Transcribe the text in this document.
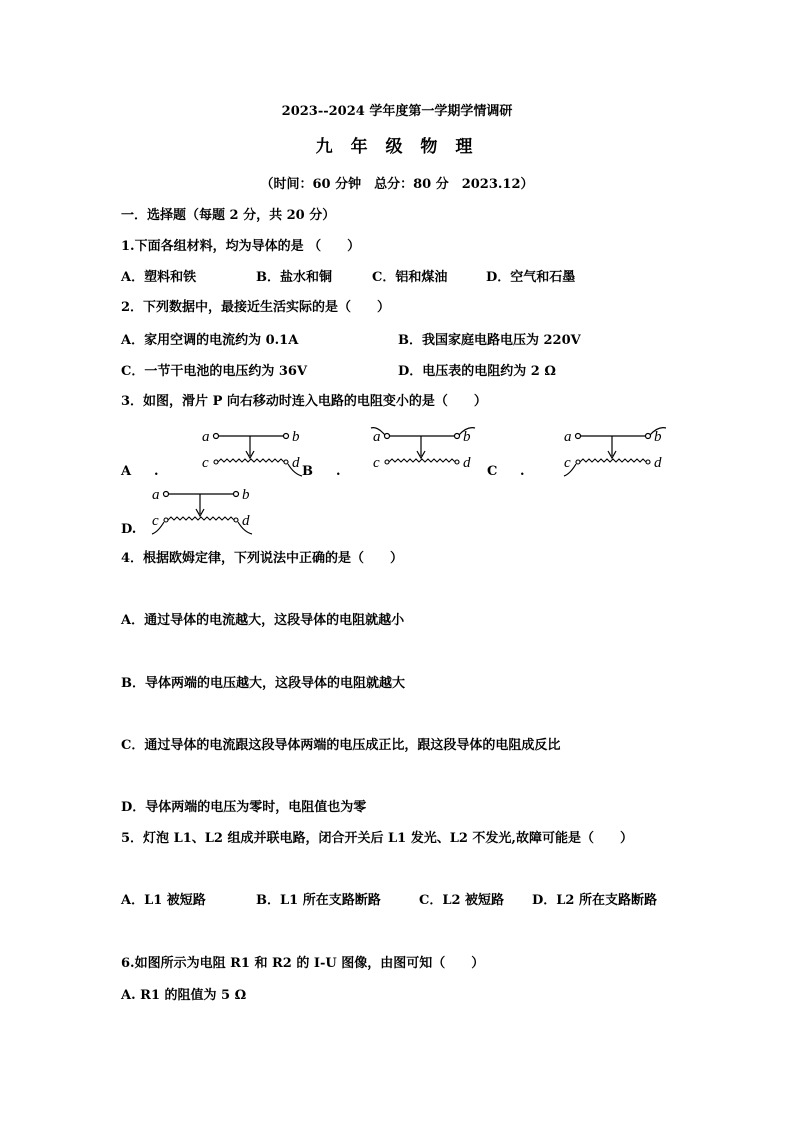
2023--2024 学年度第一学期学情调研
九 年 级 物 理
（时间：60 分钟　总分：80 分　2023.12）
一．选择题（每题 2 分，共 20 分）
1.下面各组材料，均为导体的是 （　　）
A．塑料和铁	B．盐水和铜	C．铝和煤油	D．空气和石墨
2．下列数据中，最接近生活实际的是（　　）
A．家用空调的电流约为 0.1A	B．我国家庭电路电压为 220V
C．一节干电池的电压约为 36V	D．电压表的电阻约为 2 Ω
3．如图，滑片 P 向右移动时连入电路的电阻变小的是（　　）
A .	B .	C .
D.
a	b
c	d
a	b
c	d
a	b
c	d
a	b
c	d
4．根据欧姆定律，下列说法中正确的是（　　）
A．通过导体的电流越大，这段导体的电阻就越小
B．导体两端的电压越大，这段导体的电阻就越大
C．通过导体的电流跟这段导体两端的电压成正比，跟这段导体的电阻成反比
D．导体两端的电压为零时，电阻值也为零
5．灯泡 L1、L2 组成并联电路，闭合开关后 L1 发光、L2 不发光,故障可能是（　　）
A．L1 被短路	B．L1 所在支路断路	C．L2 被短路 D．L2 所在支路断路
6.如图所示为电阻 R1 和 R2 的 I-U 图像，由图可知（　　）
A. R1 的阻值为 5 Ω
